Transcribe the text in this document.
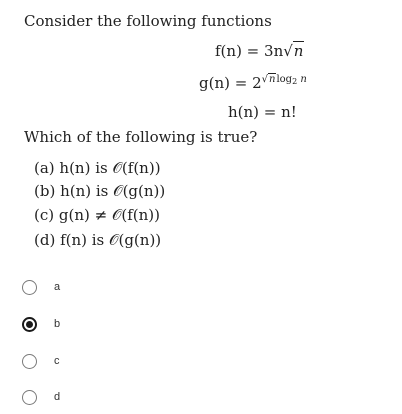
Consider the following functions
f(n) = 3n√n
$g(n) = 2^{√nlog_2 n}$
h(n) = n!
Which of the following is true?
(a) h(n) is 𝒪(f(n))
(b) h(n) is 𝒪(g(n))
(c) g(n) ≠ 𝒪(f(n))
(d) f(n) is 𝒪(g(n))
a
b
c
d
